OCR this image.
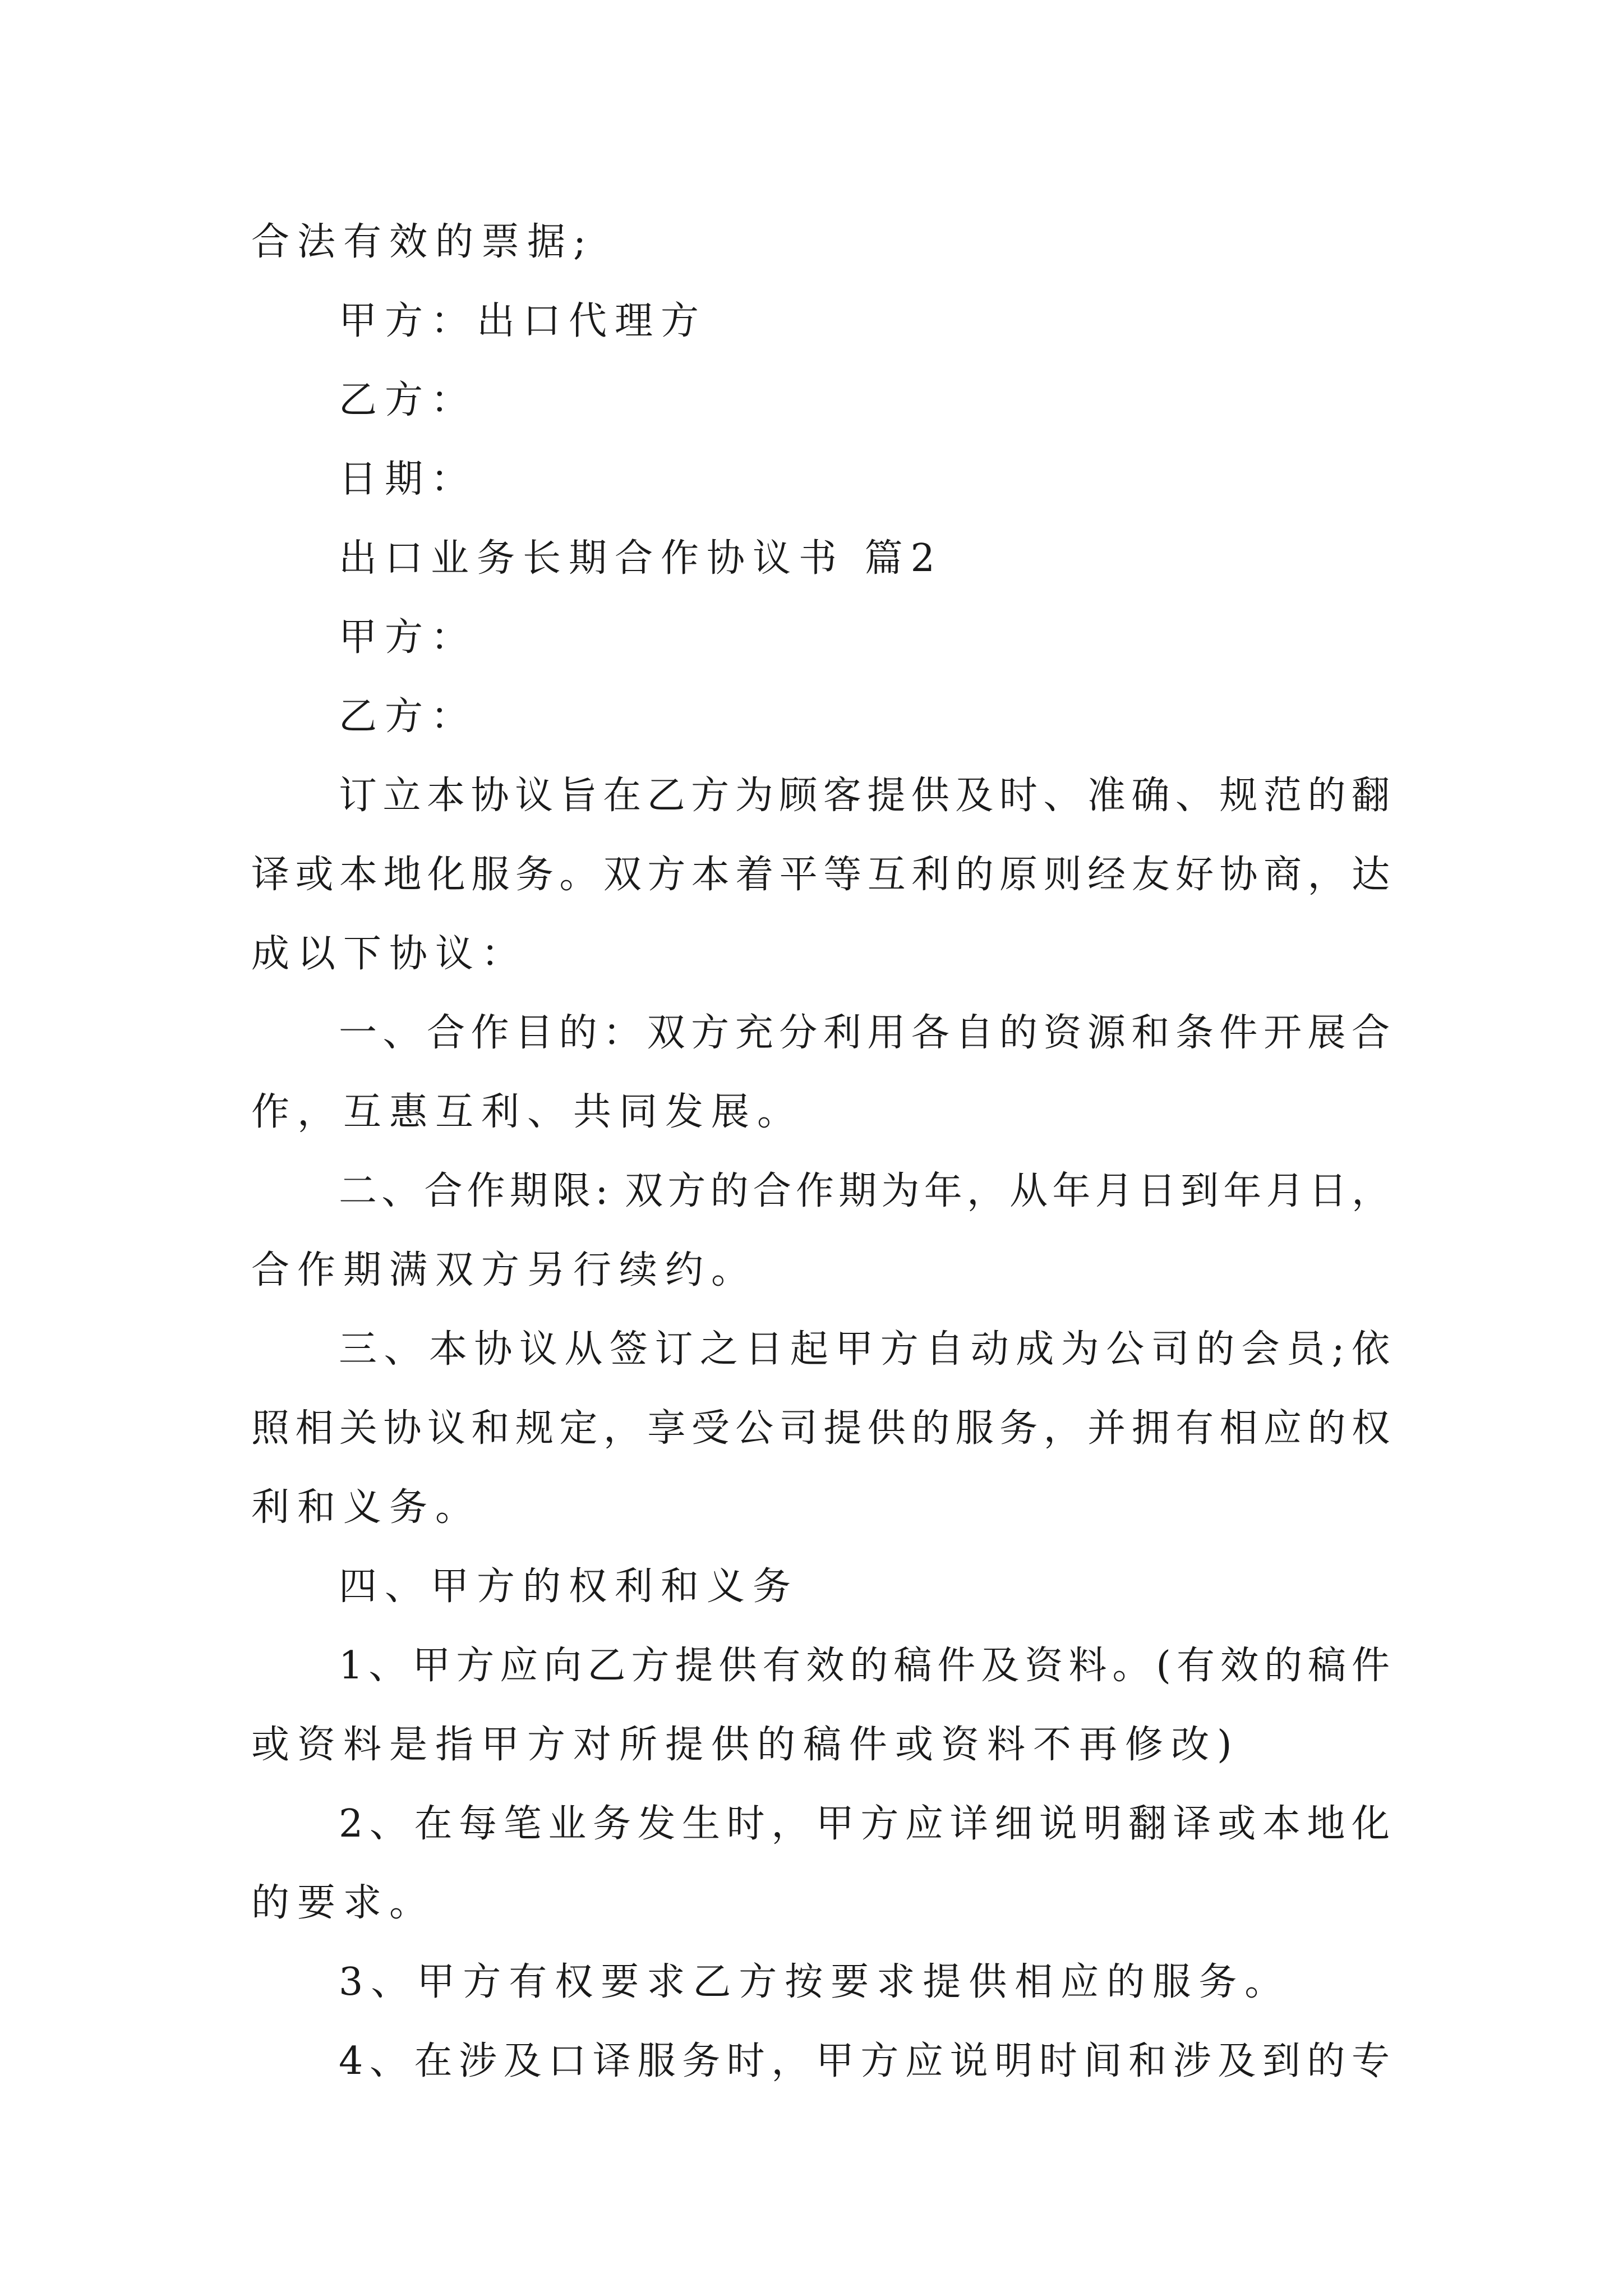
合法有效的票据;
甲方：出口代理方
乙方：
日期：
出口业务长期合作协议书 篇2
甲方：
乙方：
订立本协议旨在乙方为顾客提供及时、准确、规范的翻
译或本地化服务。双方本着平等互利的原则经友好协商，达
成以下协议：
一、合作目的：双方充分利用各自的资源和条件开展合
作，互惠互利、共同发展。
二、合作期限: 双方的合作期为年，从年月日到年月日，
合作期满双方另行续约。
三、本协议从签订之日起甲方自动成为公司的会员;依
照相关协议和规定，享受公司提供的服务，并拥有相应的权
利和义务。
四、甲方的权利和义务
1、甲方应向乙方提供有效的稿件及资料。(有效的稿件
或资料是指甲方对所提供的稿件或资料不再修改)
2、在每笔业务发生时，甲方应详细说明翻译或本地化
的要求。
3、甲方有权要求乙方按要求提供相应的服务。
4、在涉及口译服务时，甲方应说明时间和涉及到的专
